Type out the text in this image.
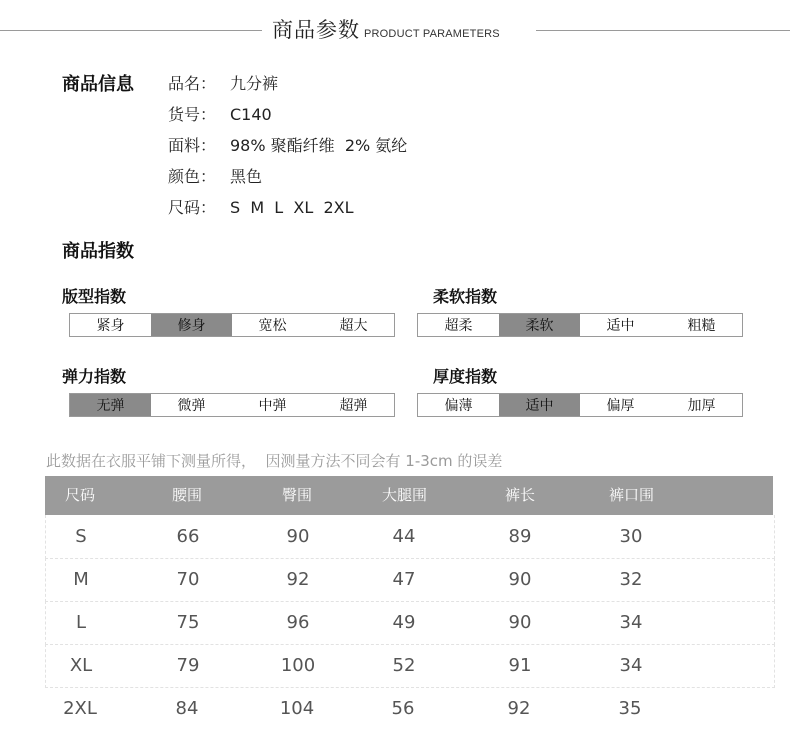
商品参数 PRODUCT PARAMETERS
商品信息 品名： 九分裤
货号： C140
面料： 98% 聚酯纤维  2% 氨纶
颜色： 黑色
尺码： S  M  L  XL  2XL
商品指数
版型指数
紧身	修身	宽松	超大
柔软指数
超柔	柔软	适中	粗糙
弹力指数
无弹	微弹	中弹	超弹
厚度指数
偏薄	适中	偏厚	加厚
此数据在衣服平铺下测量所得，  因测量方法不同会有 1-3cm 的误差
尺码	腰围	臀围	大腿围	裤长	裤口围
S	66	90	44	89	30
M	70	92	47	90	32
L	75	96	49	90	34
XL	79	100	52	91	34
2XL	84	104	56	92	35
